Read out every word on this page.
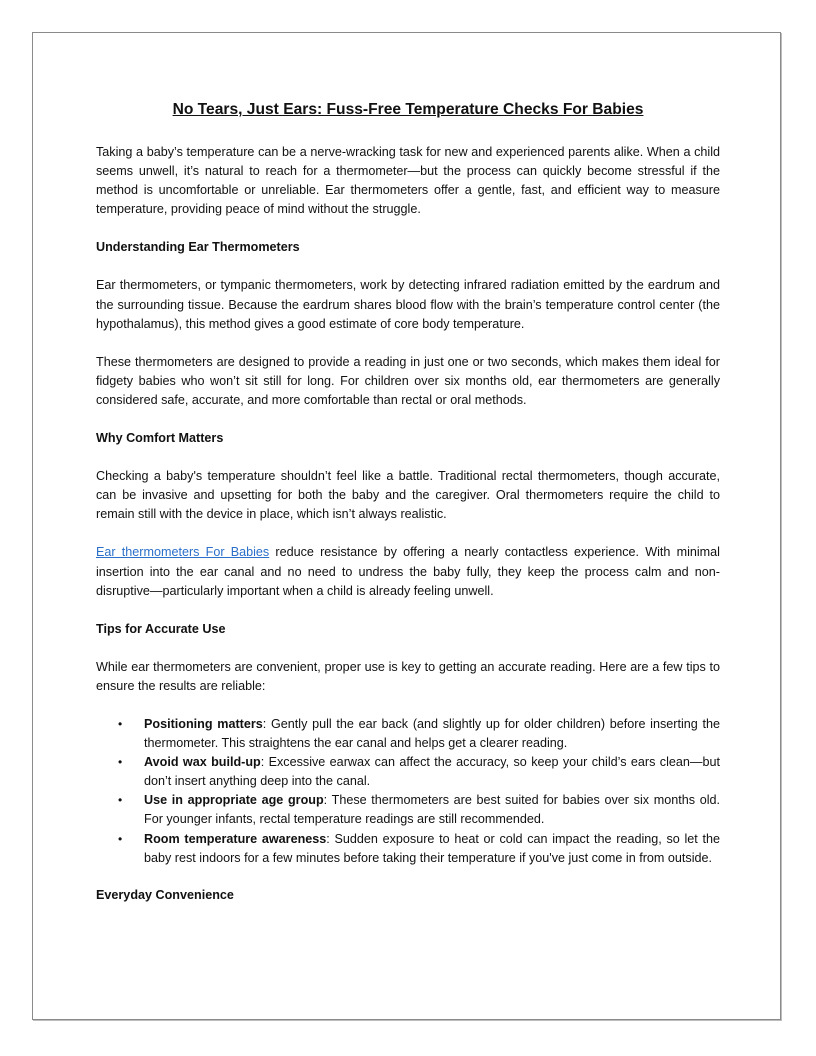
No Tears, Just Ears: Fuss-Free Temperature Checks For Babies

Taking a baby’s temperature can be a nerve-wracking task for new and experienced parents alike. When a child seems unwell, it’s natural to reach for a thermometer—but the process can quickly become stressful if the method is uncomfortable or unreliable. Ear thermometers offer a gentle, fast, and efficient way to measure temperature, providing peace of mind without the struggle.

Understanding Ear Thermometers

Ear thermometers, or tympanic thermometers, work by detecting infrared radiation emitted by the eardrum and the surrounding tissue. Because the eardrum shares blood flow with the brain’s temperature control center (the hypothalamus), this method gives a good estimate of core body temperature.

These thermometers are designed to provide a reading in just one or two seconds, which makes them ideal for fidgety babies who won’t sit still for long. For children over six months old, ear thermometers are generally considered safe, accurate, and more comfortable than rectal or oral methods.

Why Comfort Matters

Checking a baby's temperature shouldn’t feel like a battle. Traditional rectal thermometers, though accurate, can be invasive and upsetting for both the baby and the caregiver. Oral thermometers require the child to remain still with the device in place, which isn’t always realistic.

Ear thermometers For Babies reduce resistance by offering a nearly contactless experience. With minimal insertion into the ear canal and no need to undress the baby fully, they keep the process calm and non-disruptive—particularly important when a child is already feeling unwell.

Tips for Accurate Use

While ear thermometers are convenient, proper use is key to getting an accurate reading. Here are a few tips to ensure the results are reliable:

• Positioning matters: Gently pull the ear back (and slightly up for older children) before inserting the thermometer. This straightens the ear canal and helps get a clearer reading.
• Avoid wax build-up: Excessive earwax can affect the accuracy, so keep your child’s ears clean—but don’t insert anything deep into the canal.
• Use in appropriate age group: These thermometers are best suited for babies over six months old. For younger infants, rectal temperature readings are still recommended.
• Room temperature awareness: Sudden exposure to heat or cold can impact the reading, so let the baby rest indoors for a few minutes before taking their temperature if you've just come in from outside.
Everyday Convenience
